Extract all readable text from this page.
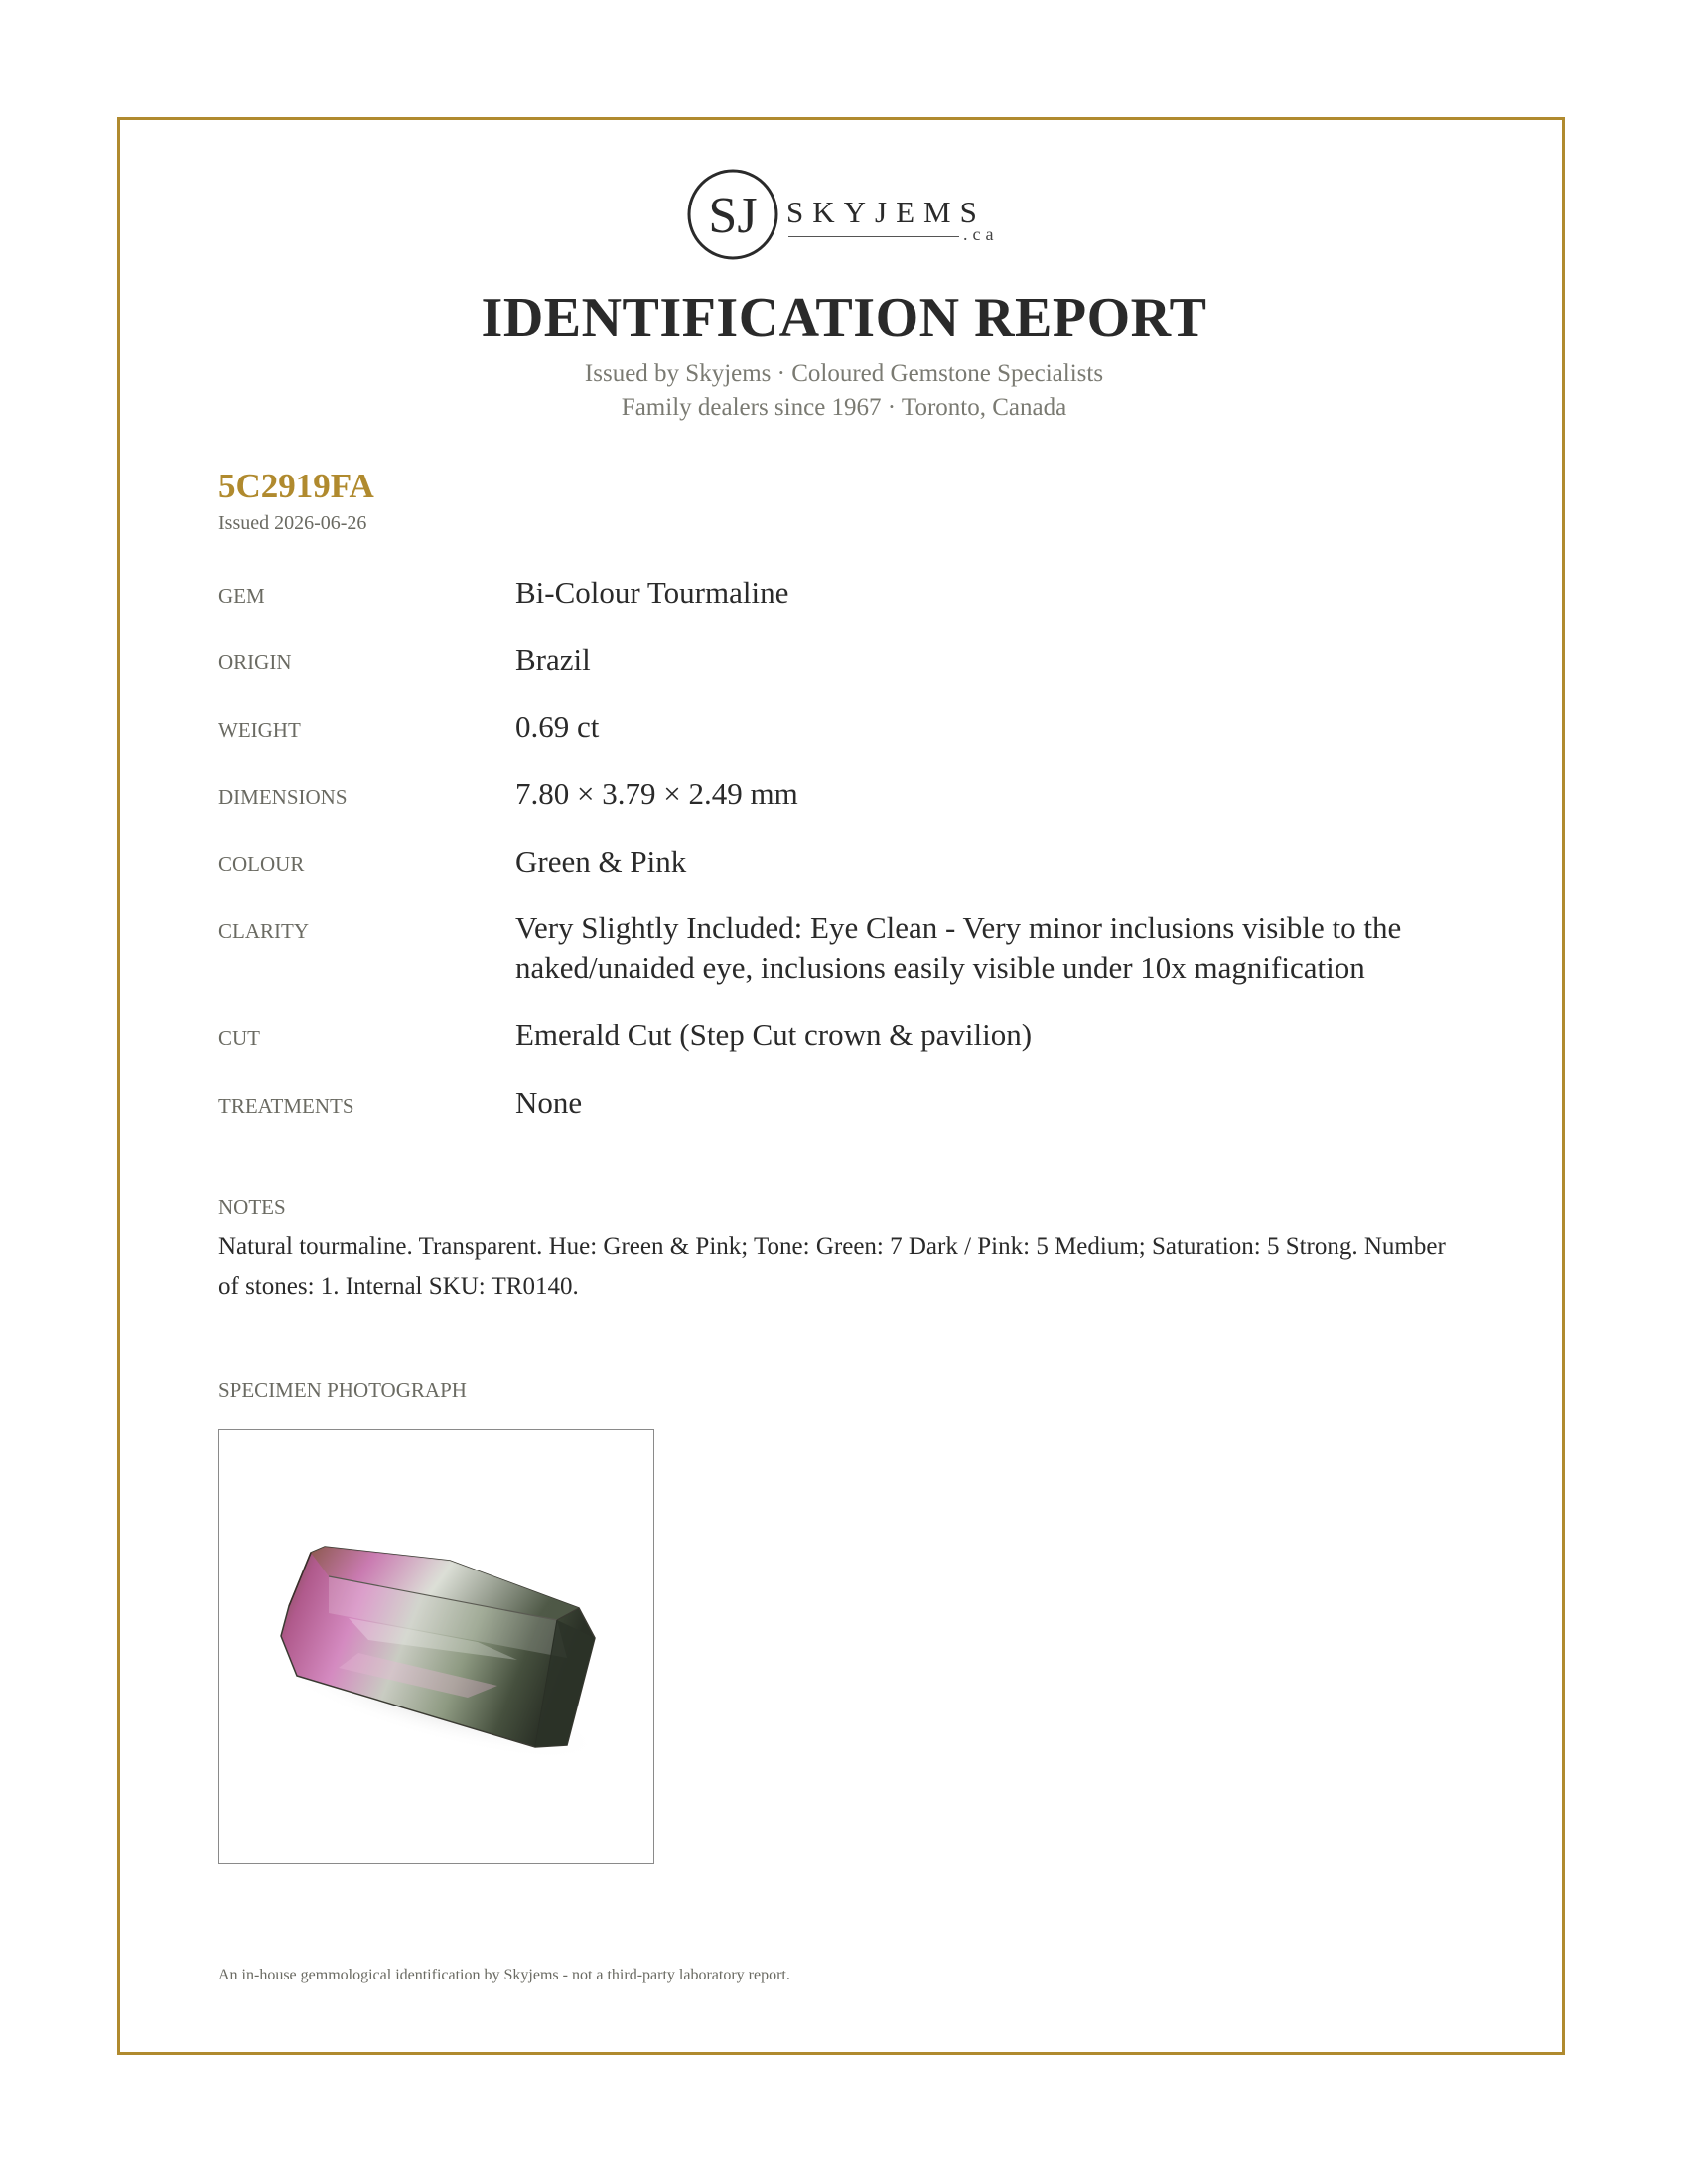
SJ SKYJEMS
.ca
IDENTIFICATION REPORT
Issued by Skyjems · Coloured Gemstone Specialists
Family dealers since 1967 · Toronto, Canada
5C2919FA
Issued 2026-06-26
GEM	Bi-Colour Tourmaline
ORIGIN	Brazil
WEIGHT	0.69 ct
DIMENSIONS	7.80 × 3.79 × 2.49 mm
COLOUR	Green & Pink
CLARITY	Very Slightly Included: Eye Clean - Very minor inclusions visible to the naked/unaided eye, inclusions easily visible under 10x magnification
CUT	Emerald Cut (Step Cut crown & pavilion)
TREATMENTS	None
NOTES
Natural tourmaline. Transparent. Hue: Green & Pink; Tone: Green: 7 Dark / Pink: 5 Medium; Saturation: 5 Strong. Number of stones: 1. Internal SKU: TR0140.
SPECIMEN PHOTOGRAPH
An in-house gemmological identification by Skyjems - not a third-party laboratory report.
